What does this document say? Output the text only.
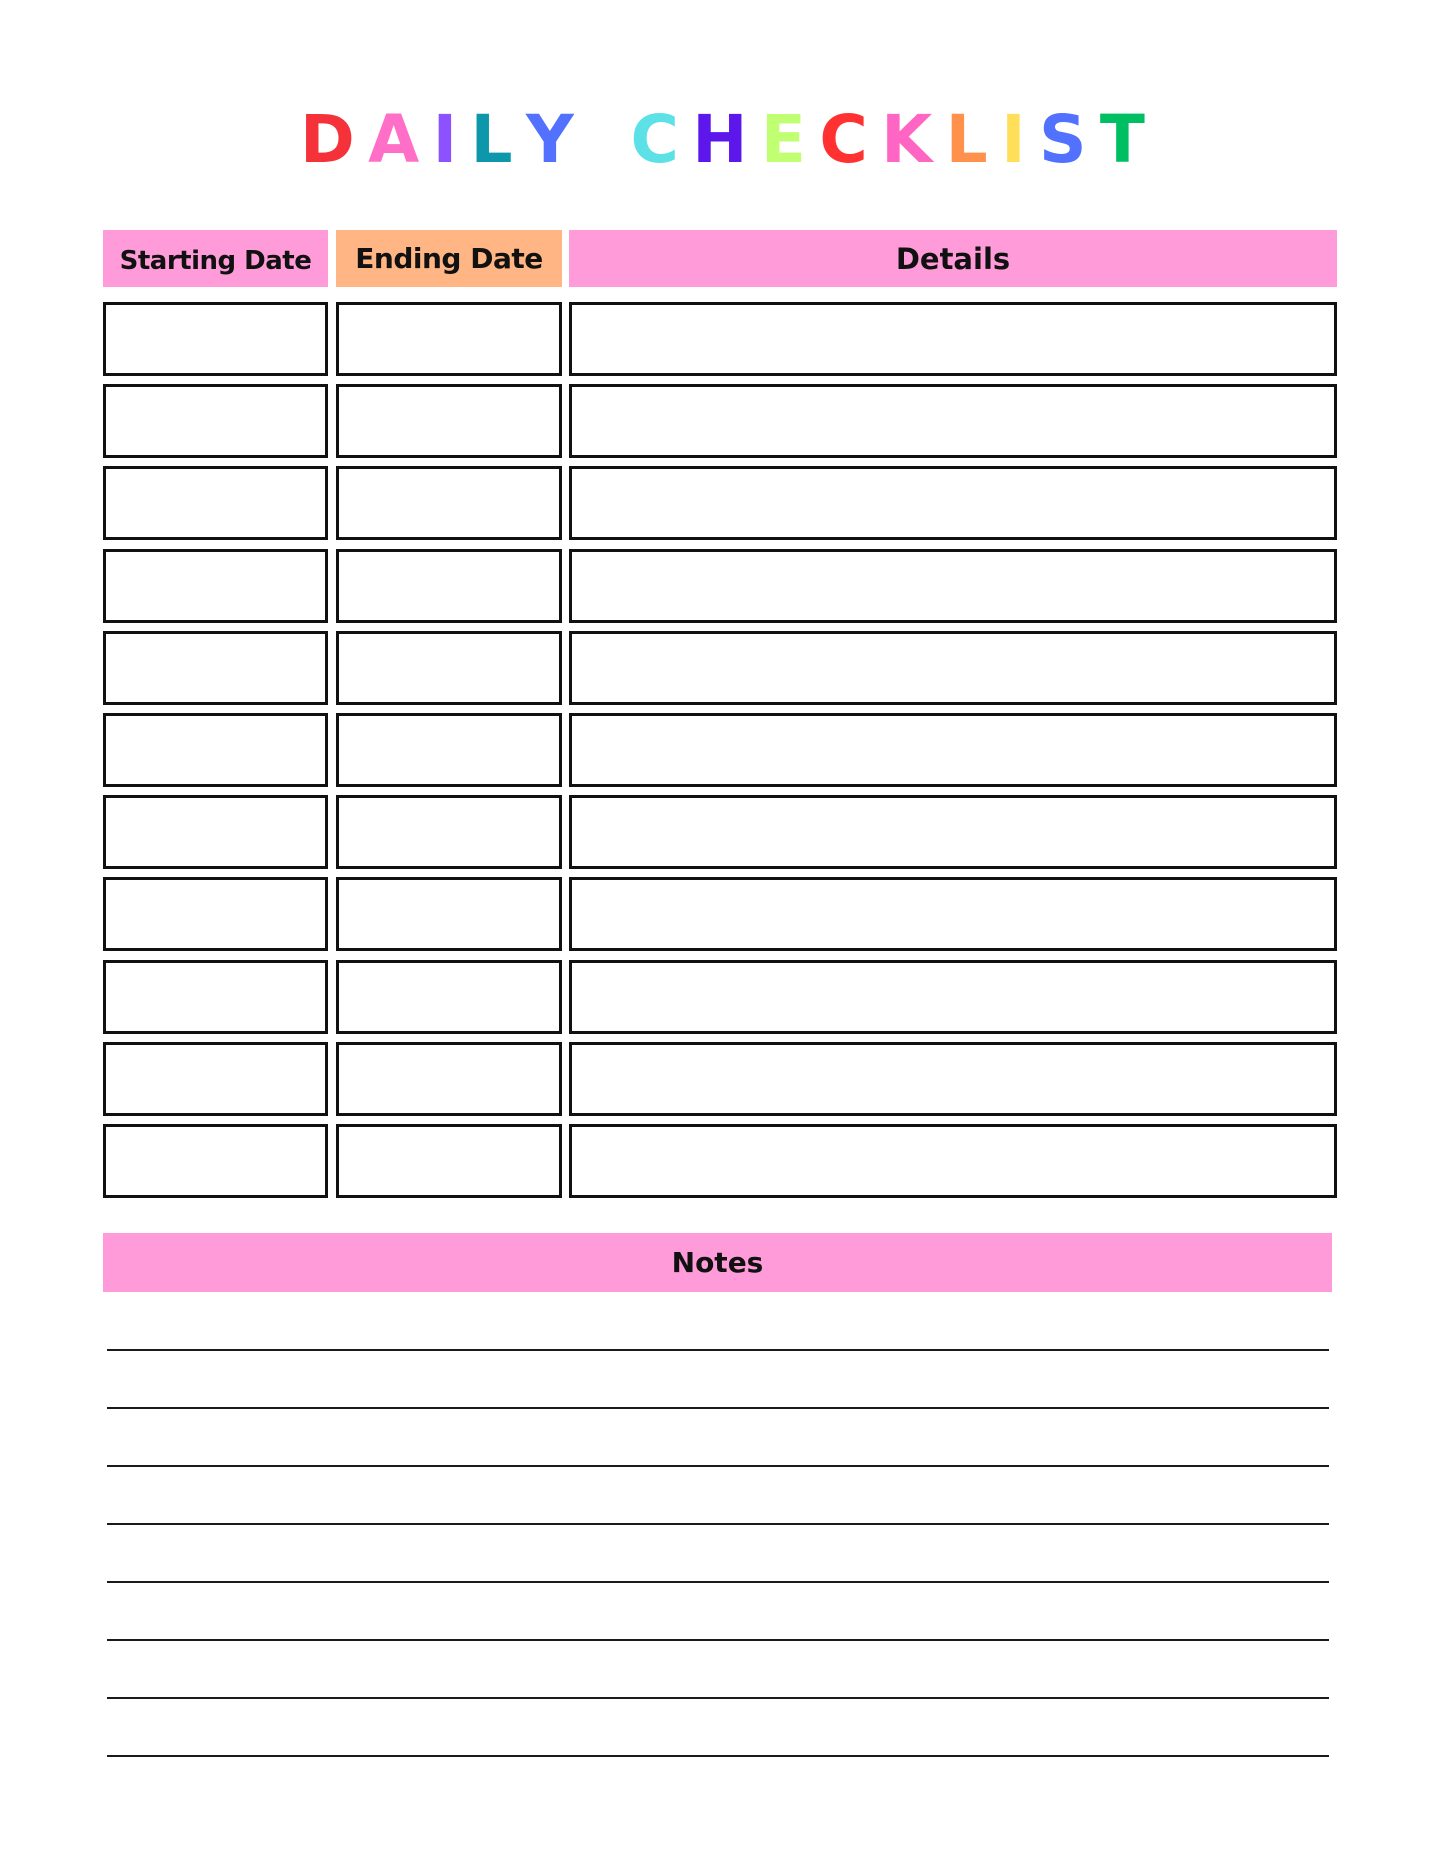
D A I L Y C H E C K L I S T
Starting Date	Ending Date	Details
Notes
